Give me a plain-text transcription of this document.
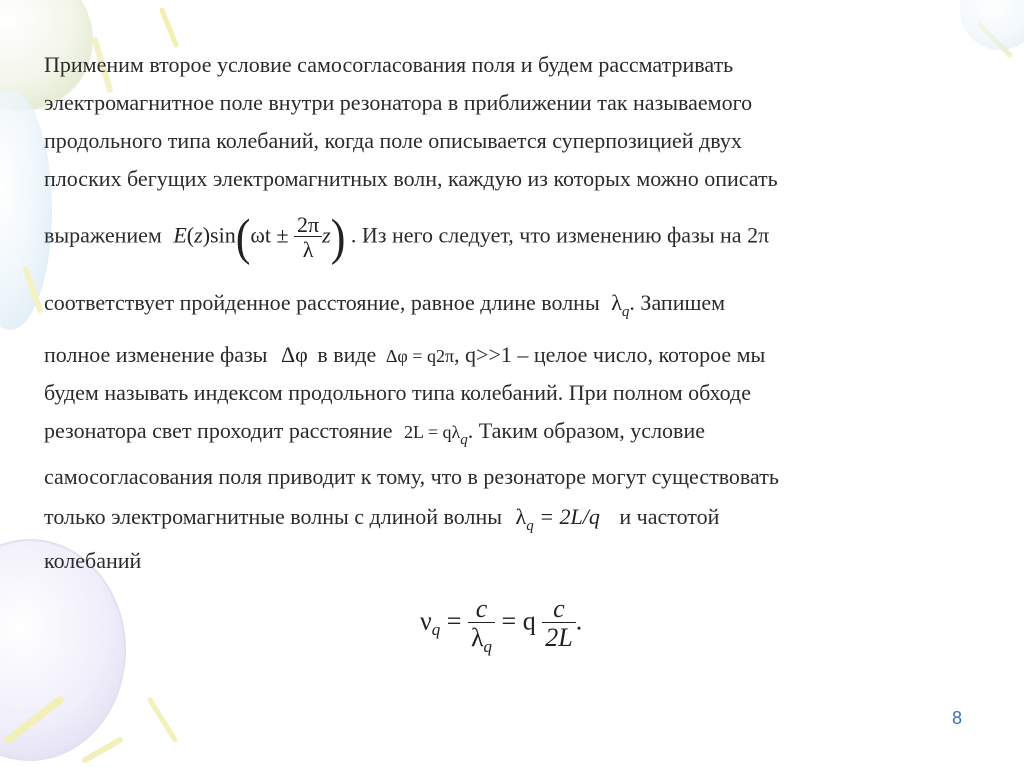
Применим второе условие самосогласования поля и будем рассматривать
электромагнитное поле внутри резонатора в приближении так называемого
продольного типа колебаний, когда поле описывается суперпозицией двух
плоских бегущих электромагнитных волн, каждую из которых можно описать
выражением $E(z)\sin(\omega t \pm \frac{2\pi}{\lambda} z)$ . Из него следует, что изменению фазы на 2π
соответствует пройденное расстояние, равное длине волны $\lambda_q$. Запишем
полное изменение фазы Δφ в виде Δφ = q2π, q>>1 – целое число, которое мы
будем называть индексом продольного типа колебаний. При полном обходе
резонатора свет проходит расстояние $2L = q\lambda_q$. Таким образом, условие
самосогласования поля приводит к тому, что в резонаторе могут существовать
только электромагнитные волны с длиной волны $\lambda_q = 2L/q$ и частотой
колебаний
$\nu_q = \frac{c}{\lambda_q} = q \frac{c}{2L}$ .
8
